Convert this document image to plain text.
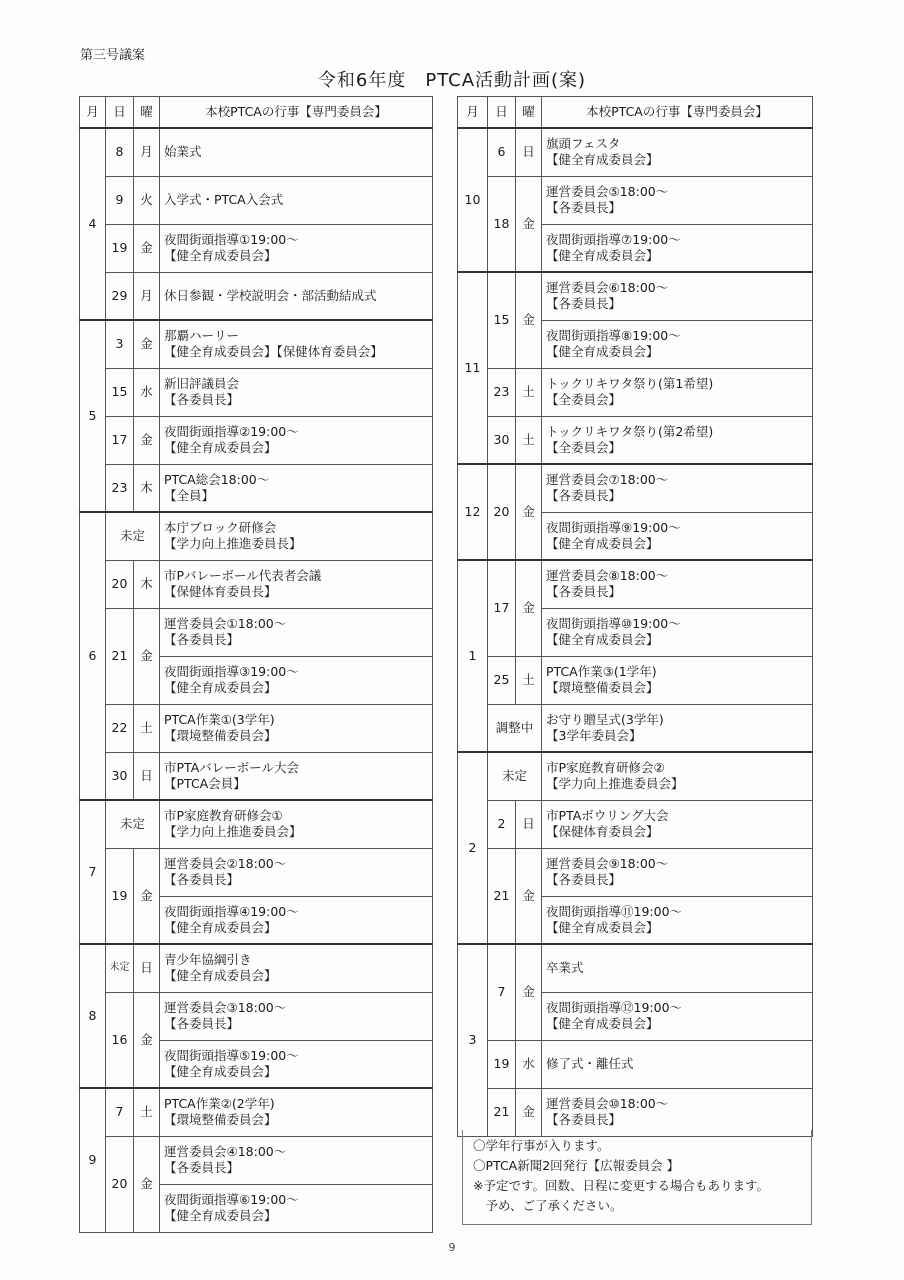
第三号議案
令和6年度　PTCA活動計画(案)
月	日	曜	本校PTCAの行事【専門委員会】
4	8	月	始業式

	9	火	入学式・PTCA入会式

	19	金	夜間街頭指導①19:00～
【健全育成委員会】

	29	月	休日参観・学校説明会・部活動結成式

5	3	金	那覇ハーリー
【健全育成委員会】【保健体育委員会】

	15	水	新旧評議員会
【各委員長】

	17	金	夜間街頭指導②19:00～
【健全育成委員会】

	23	木	PTCA総会18:00～
【全員】

6	未定		本庁ブロック研修会
【学力向上推進委員長】

	20	木	市Pバレーボール代表者会議
【保健体育委員長】

	21	金	運営委員会①18:00～
【各委員長】

			夜間街頭指導③19:00～
【健全育成委員会】

	22	土	PTCA作業①(3学年)
【環境整備委員会】

	30	日	市PTAバレーボール大会
【PTCA会員】

7	未定		市P家庭教育研修会①
【学力向上推進委員会】

	19	金	運営委員会②18:00～
【各委員長】

			夜間街頭指導④19:00～
【健全育成委員会】

8	未定	日	青少年協綱引き
【健全育成委員会】

	16	金	運営委員会③18:00～
【各委員長】

			夜間街頭指導⑤19:00～
【健全育成委員会】

9	7	土	PTCA作業②(2学年)
【環境整備委員会】

	20	金	運営委員会④18:00～
【各委員長】

			夜間街頭指導⑥19:00～
【健全育成委員会】
月	日	曜	本校PTCAの行事【専門委員会】
10	6	日	旗頭フェスタ
【健全育成委員会】

	18	金	運営委員会⑤18:00～
【各委員長】

			夜間街頭指導⑦19:00～
【健全育成委員会】

11	15	金	運営委員会⑥18:00～
【各委員長】

			夜間街頭指導⑧19:00～
【健全育成委員会】

	23	土	トックリキワタ祭り(第1希望)
【全委員会】

	30	土	トックリキワタ祭り(第2希望)
【全委員会】

12	20	金	運営委員会⑦18:00～
【各委員長】

			夜間街頭指導⑨19:00～
【健全育成委員会】

1	17	金	運営委員会⑧18:00～
【各委員長】

			夜間街頭指導⑩19:00～
【健全育成委員会】

	25	土	PTCA作業③(1学年)
【環境整備委員会】

	調整中		お守り贈呈式(3学年)
【3学年委員会】

2	未定		市P家庭教育研修会②
【学力向上推進委員会】

	2	日	市PTAボウリング大会
【保健体育委員会】

	21	金	運営委員会⑨18:00～
【各委員長】

			夜間街頭指導⑪19:00～
【健全育成委員会】

3	7	金	卒業式

			夜間街頭指導⑫19:00～
【健全育成委員会】

	19	水	修了式・離任式

	21	金	運営委員会⑩18:00～
【各委員長】
〇学年行事が入ります。
〇PTCA新聞2回発行【広報委員会 】
※予定です。回数、日程に変更する場合もあります。
　予め、ご了承ください。
9
